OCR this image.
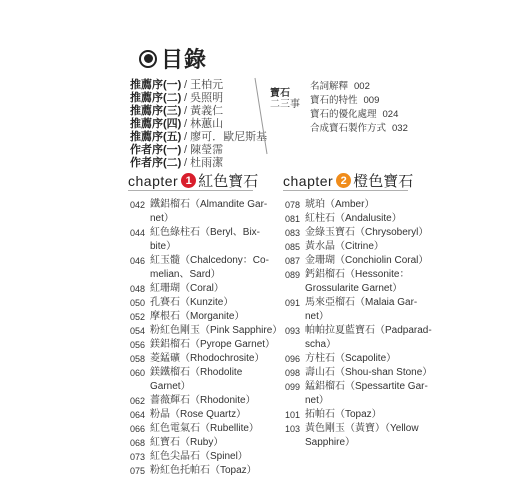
目錄
推薦序(一) / 王柏元
推薦序(二) / 吳照明
推薦序(三) / 黃義仁
推薦序(四) / 林蕙山
推薦序(五) / 廖可．歐尼斯基
作者序(一) / 陳瑩霈
作者序(二) / 杜雨潔
寶石
二三事
名詞解釋 002
寶石的特性 009
寶石的優化處理 024
合成寶石製作方式 032
chapter 1 紅色寶石 chapter 2 橙色寶石
042 鐵鋁榴石（Almandite Gar-
net）
044 紅色綠柱石（Beryl、Bix-
bite）
046 紅玉髓（Chalcedony：Co-
melian、Sard）
048 紅珊瑚（Coral）
050 孔賽石（Kunzite）
052 摩根石（Morganite）
054 粉紅色剛玉（Pink Sapphire）
056 鎂鋁榴石（Pyrope Garnet）
058 菱錳礦（Rhodochrosite）
060 鎂鐵榴石（Rhodolite Garnet）
062 薔薇輝石（Rhodonite）
064 粉晶（Rose Quartz）
066 紅色電氣石（Rubellite）
068 紅寶石（Ruby）
073 紅色尖晶石（Spinel）
075 粉紅色托帕石（Topaz）
078 琥珀（Amber）
081 紅柱石（Andalusite）
083 金綠玉寶石（Chrysoberyl）
085 黃水晶（Citrine）
087 金珊瑚（Conchiolin Coral）
089 鈣鋁榴石（Hessonite：
Grossularite Garnet）
091 馬來亞榴石（Malaia Gar-
net）
093 帕帕拉夏藍寶石（Padparad-
scha）
096 方柱石（Scapolite）
098 壽山石（Shou-shan Stone）
099 錳鋁榴石（Spessartite Gar-
net）
101 拓帕石（Topaz）
103 黃色剛玉（黃寶）（Yellow
Sapphire）
